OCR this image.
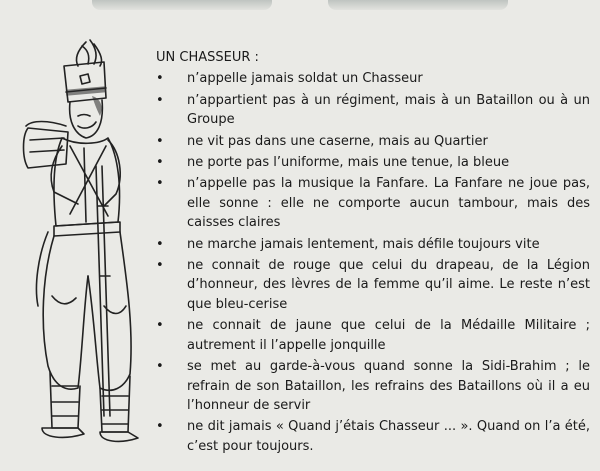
UN CHASSEUR :
• n’appelle jamais soldat un Chasseur
• n’appartient pas à un régiment, mais à un Bataillon ou à un Groupe
• ne vit pas dans une caserne, mais au Quartier
• ne porte pas l’uniforme, mais une tenue, la bleue
• n’appelle pas la musique la Fanfare. La Fanfare ne joue pas, elle sonne : elle ne comporte aucun tambour, mais des caisses claires
• ne marche jamais lentement, mais défile toujours vite
• ne connait de rouge que celui du drapeau, de la Légion d’honneur, des lèvres de la femme qu’il aime. Le reste n’est que bleu-cerise
• ne connait de jaune que celui de la Médaille Militaire ; autrement il l’appelle jonquille
• se met au garde-à-vous quand sonne la Sidi-Brahim ; le refrain de son Bataillon, les refrains des Bataillons où il a eu l’honneur de servir
• ne dit jamais « Quand j’étais Chasseur ... ». Quand on l’a été, c’est pour toujours.
